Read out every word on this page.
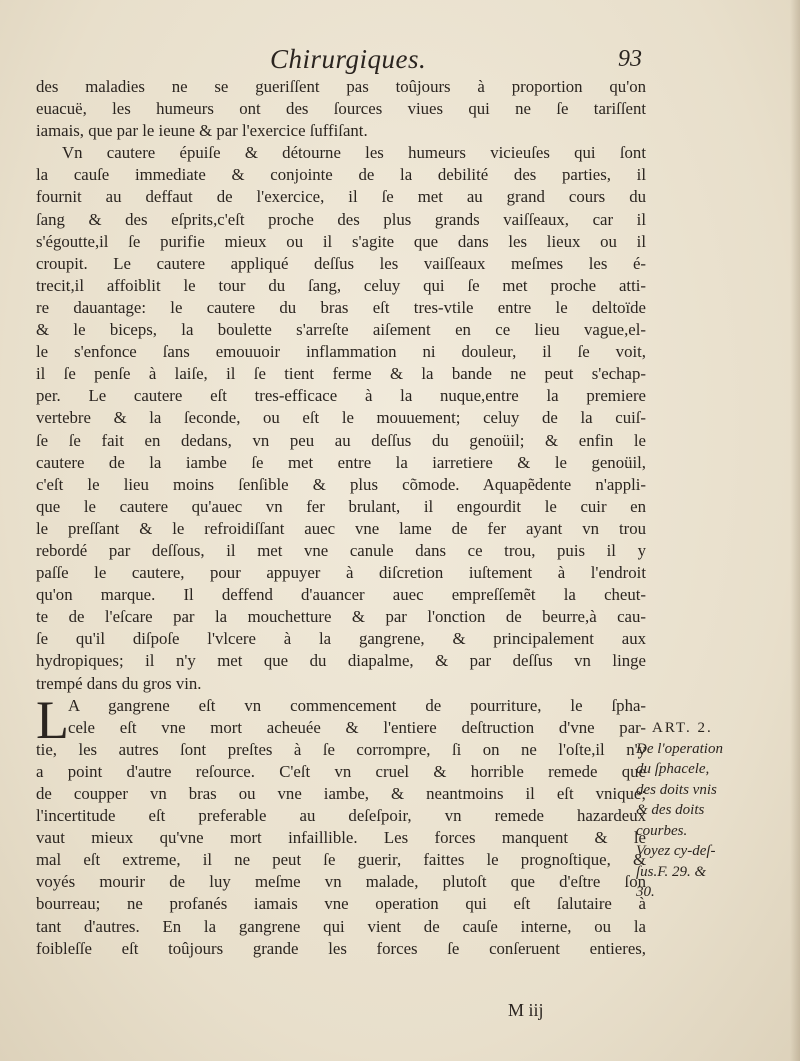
Chirurgiques.	93
des maladies ne se gueriſſent pas toûjours à proportion qu'on
euacuë, les humeurs ont des ſources viues qui ne ſe tariſſent
iamais, que par le ieune & par l'exercice ſuffiſant.
Vn cautere épuiſe & détourne les humeurs vicieuſes qui ſont
la cauſe immediate & conjointe de la debilité des parties, il
fournit au deffaut de l'exercice, il ſe met au grand cours du
ſang & des eſprits,c'eſt proche des plus grands vaiſſeaux, car il
s'égoutte,il ſe purifie mieux ou il s'agite que dans les lieux ou il
croupit. Le cautere appliqué deſſus les vaiſſeaux meſmes les é-
trecit,il affoiblit le tour du ſang, celuy qui ſe met proche atti-
re dauantage: le cautere du bras eſt tres-vtile entre le deltoïde
& le biceps, la boulette s'arreſte aiſement en ce lieu vague,el-
le s'enfonce ſans emouuoir inflammation ni douleur, il ſe voit,
il ſe penſe à laiſe, il ſe tient ferme & la bande ne peut s'echap-
per. Le cautere eſt tres-efficace à la nuque,entre la premiere
vertebre & la ſeconde, ou eſt le mouuement; celuy de la cuiſ-
ſe ſe fait en dedans, vn peu au deſſus du genoüil; & enfin le
cautere de la iambe ſe met entre la iarretiere & le genoüil,
c'eſt le lieu moins ſenſible & plus cõmode. Aquapẽdente n'appli-
que le cautere qu'auec vn fer brulant, il engourdit le cuir en
le preſſant & le refroidiſſant auec vne lame de fer ayant vn trou
rebordé par deſſous, il met vne canule dans ce trou, puis il y
paſſe le cautere, pour appuyer à diſcretion iuſtement à l'endroit
qu'on marque. Il deffend d'auancer auec empreſſemẽt la cheut-
te de l'eſcare par la mouchetture & par l'onction de beurre,à cau-
ſe qu'il diſpoſe l'vlcere à la gangrene, & principalement aux
hydropiques; il n'y met que du diapalme, & par deſſus vn linge
trempé dans du gros vin.
L A gangrene eſt vn commencement de pourriture, le ſpha-
cele eſt vne mort acheuée & l'entiere deſtruction d'vne par-
tie, les autres ſont preſtes à ſe corrompre, ſi on ne l'oſte,il n'y
a point d'autre reſource. C'eſt vn cruel & horrible remede que
de coupper vn bras ou vne iambe, & neantmoins il eſt vnique;
l'incertitude eſt preferable au deſeſpoir, vn remede hazardeux
vaut mieux qu'vne mort infaillible. Les forces manquent & le
mal eſt extreme, il ne peut ſe guerir, faittes le prognoſtique, &
voyés mourir de luy meſme vn malade, plutoſt que d'eſtre ſon
bourreau; ne profanés iamais vne operation qui eſt ſalutaire à
tant d'autres. En la gangrene qui vient de cauſe interne, ou la
foibleſſe eſt toûjours grande les forces ſe conſeruent entieres,
ART. 2.
De l'operation
du ſphacele,
des doits vnis
& des doits
courbes.
Voyez cy-deſ-
ſus.F. 29. &
30.
M iij
